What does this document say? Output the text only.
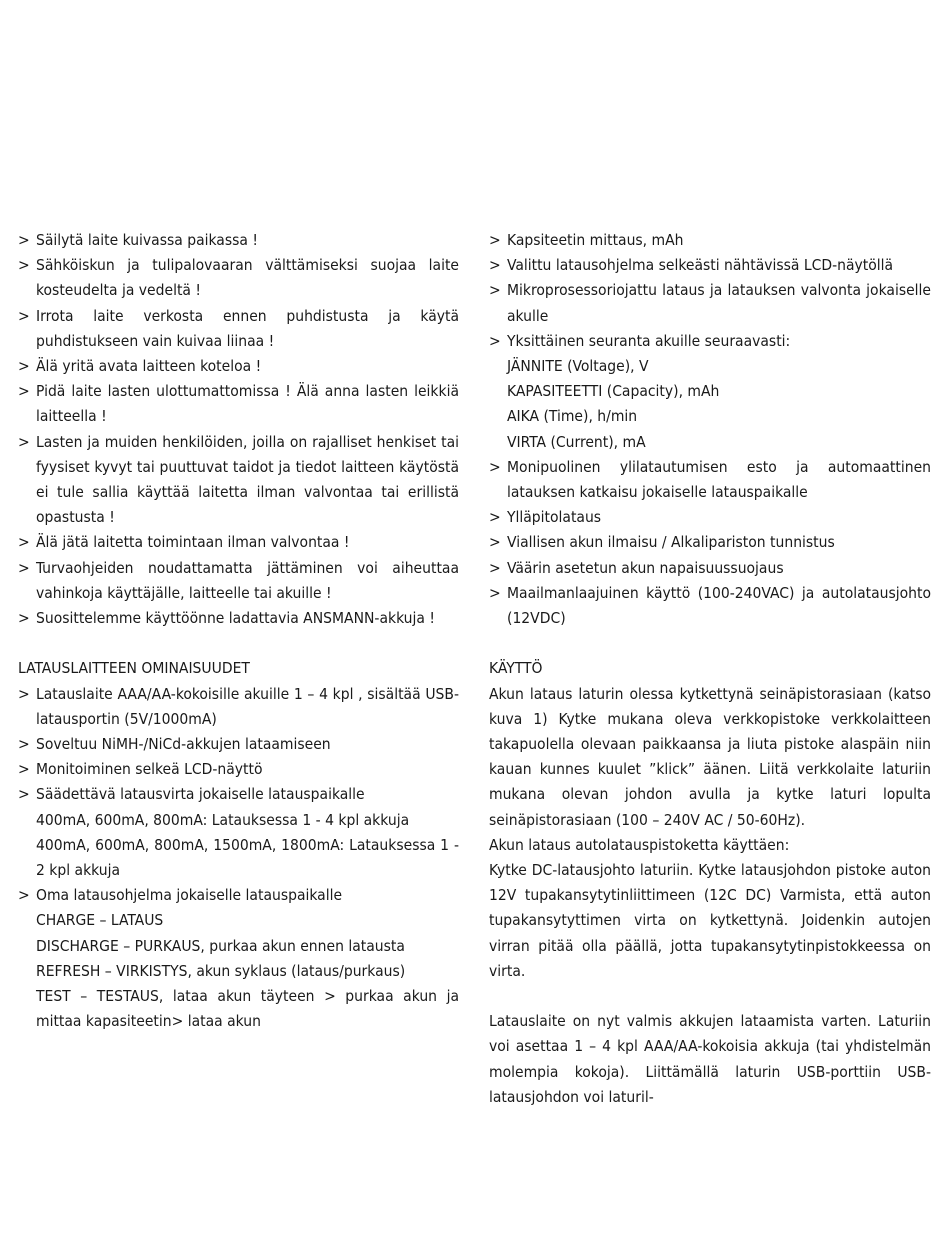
> Säilytä laite kuivassa paikassa !
> Sähköiskun ja tulipalovaaran välttämiseksi suojaa laite kosteudelta ja vedeltä !
> Irrota laite verkosta ennen puhdistusta ja käytä puhdistukseen vain kuivaa liinaa !
> Älä yritä avata laitteen koteloa !
> Pidä laite lasten ulottumattomissa ! Älä anna lasten leikkiä laitteella !
> Lasten ja muiden henkilöiden, joilla on rajalliset henkiset tai fyysiset kyvyt tai puuttuvat taidot ja tiedot laitteen käytöstä ei tule sallia käyttää laitetta ilman valvontaa tai erillistä opastusta !
> Älä jätä laitetta toimintaan ilman valvontaa !
> Turvaohjeiden noudattamatta jättäminen voi aiheuttaa vahinkoja käyttäjälle, laitteelle tai akuille !
> Suosittelemme käyttöönne ladattavia ANSMANN-akkuja !
LATAUSLAITTEEN OMINAISUUDET
> Latauslaite AAA/AA-kokoisille akuille 1 – 4 kpl , sisältää USB-latausportin (5V/1000mA)
> Soveltuu NiMH-/NiCd-akkujen lataamiseen
> Monitoiminen selkeä LCD-näyttö
> Säädettävä latausvirta jokaiselle latauspaikalle
400mA, 600mA, 800mA: Latauksessa 1 - 4 kpl akkuja
400mA, 600mA, 800mA, 1500mA, 1800mA: Latauksessa 1 - 2 kpl akkuja
> Oma latausohjelma jokaiselle latauspaikalle
CHARGE – LATAUS
DISCHARGE – PURKAUS, purkaa akun ennen latausta
REFRESH – VIRKISTYS, akun syklaus (lataus/purkaus)
TEST – TESTAUS, lataa akun täyteen > purkaa akun ja mittaa kapasiteetin> lataa akun
> Kapsiteetin mittaus, mAh
> Valittu latausohjelma selkeästi nähtävissä LCD-näytöllä
> Mikroprosessoriojattu lataus ja latauksen valvonta jokaiselle akulle
> Yksittäinen seuranta akuille seuraavasti:
JÄNNITE (Voltage), V
KAPASITEETTI (Capacity), mAh
AIKA (Time), h/min
VIRTA (Current), mA
> Monipuolinen ylilatautumisen esto ja automaattinen latauksen katkaisu jokaiselle latauspaikalle
> Ylläpitolataus
> Viallisen akun ilmaisu / Alkalipariston tunnistus
> Väärin asetetun akun napaisuussuojaus
> Maailmanlaajuinen käyttö (100-240VAC) ja autolatausjohto (12VDC)
KÄYTTÖ
Akun lataus laturin olessa kytkettynä seinäpistorasiaan (katso kuva 1) Kytke mukana oleva verkkopistoke verkkolaitteen takapuolella olevaan paikkaansa ja liuta pistoke alaspäin niin kauan kunnes kuulet ”klick” äänen. Liitä verkkolaite laturiin mukana olevan johdon avulla ja kytke laturi lopulta seinäpistorasiaan (100 – 240V AC / 50-60Hz).
Akun lataus autolatauspistoketta käyttäen:
Kytke DC-latausjohto laturiin. Kytke latausjohdon pistoke auton 12V tupakansytytinliittimeen (12C DC) Varmista, että auton tupakansytyttimen virta on kytkettynä. Joidenkin autojen virran pitää olla päällä, jotta tupakansytytinpistokkeessa on virta.
Latauslaite on nyt valmis akkujen lataamista varten. Laturiin voi asettaa 1 – 4 kpl AAA/AA-kokoisia akkuja (tai yhdistelmän molempia kokoja). Liittämällä laturin USB-porttiin USB-latausjohdon voi laturil-
